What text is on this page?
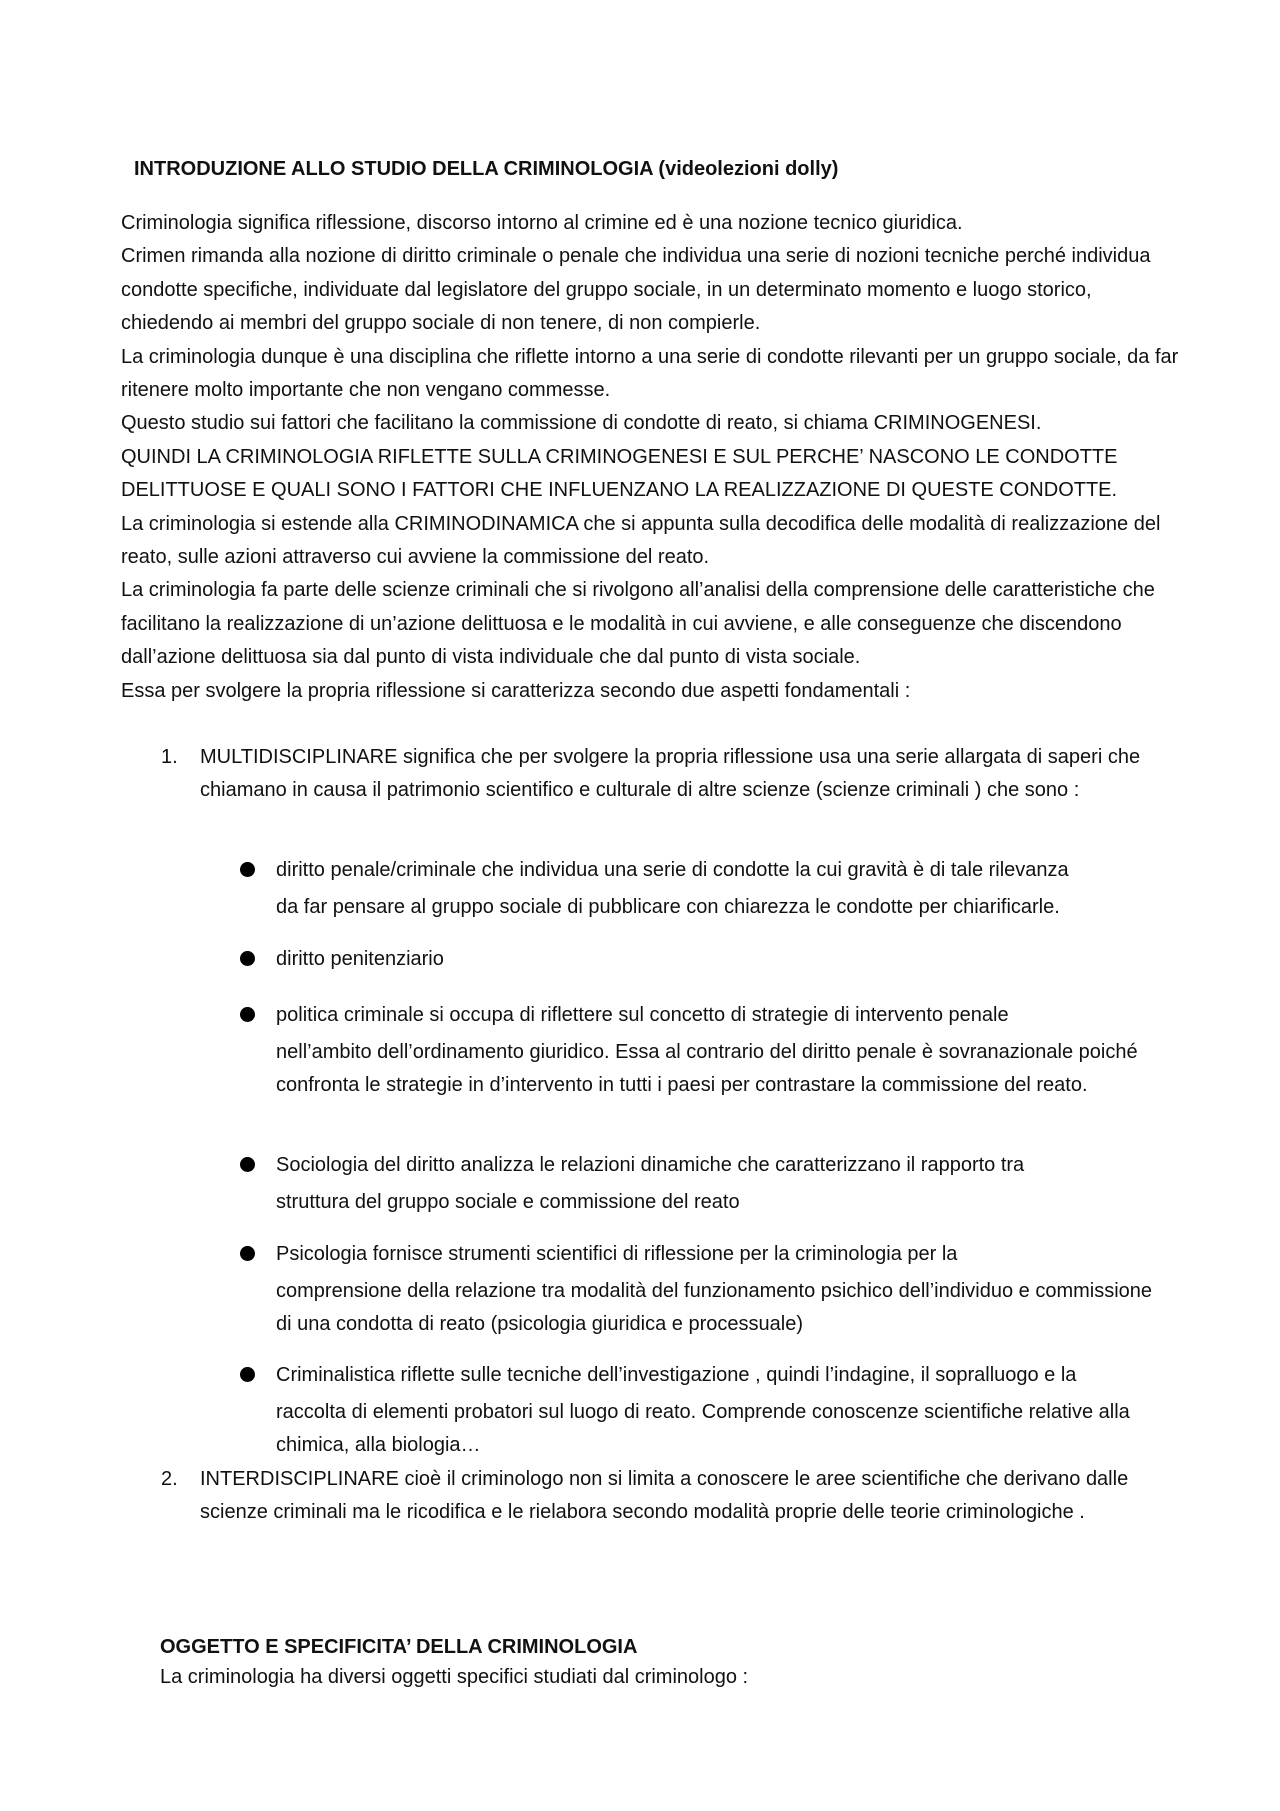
INTRODUZIONE ALLO STUDIO DELLA CRIMINOLOGIA (videolezioni dolly)

Criminologia significa riflessione, discorso intorno al crimine ed è una nozione tecnico giuridica.

Crimen rimanda alla nozione di diritto criminale o penale che individua una serie di nozioni tecniche perché individua condotte specifiche, individuate dal legislatore del gruppo sociale, in un determinato momento e luogo storico, chiedendo ai membri del gruppo sociale di non tenere, di non compierle.

La criminologia dunque è una disciplina che riflette intorno a una serie di condotte rilevanti per un gruppo sociale, da far ritenere molto importante che non vengano commesse.

Questo studio sui fattori che facilitano la commissione di condotte di reato, si chiama CRIMINOGENESI.

QUINDI LA CRIMINOLOGIA RIFLETTE SULLA CRIMINOGENESI E SUL PERCHE’ NASCONO LE CONDOTTE DELITTUOSE E QUALI SONO I FATTORI CHE INFLUENZANO LA REALIZZAZIONE DI QUESTE CONDOTTE.

La criminologia si estende alla CRIMINODINAMICA che si appunta sulla decodifica delle modalità di realizzazione del reato, sulle azioni attraverso cui avviene la commissione del reato.

La criminologia fa parte delle scienze criminali che si rivolgono all’analisi della comprensione delle caratteristiche che facilitano la realizzazione di un’azione delittuosa e le modalità in cui avviene, e alle conseguenze che discendono dall’azione delittuosa sia dal punto di vista individuale che dal punto di vista sociale.

Essa per svolgere la propria riflessione si caratterizza secondo due aspetti fondamentali :

1. MULTIDISCIPLINARE significa che per svolgere la propria riflessione usa una serie allargata di saperi che chiamano in causa il patrimonio scientifico e culturale di altre scienze (scienze criminali ) che sono :
diritto penale/criminale che individua una serie di condotte la cui gravità è di tale rilevanza
da far pensare al gruppo sociale di pubblicare con chiarezza le condotte per chiarificarle.
diritto penitenziario
politica criminale si occupa di riflettere sul concetto di strategie di intervento penale
nell’ambito dell’ordinamento giuridico. Essa al contrario del diritto penale è sovranazionale poiché confronta le strategie in d’intervento in tutti i paesi per contrastare la commissione del reato.
Sociologia del diritto analizza le relazioni dinamiche che caratterizzano il rapporto tra
struttura del gruppo sociale e commissione del reato
Psicologia fornisce strumenti scientifici di riflessione per la criminologia per la
comprensione della relazione tra modalità del funzionamento psichico dell’individuo e commissione di una condotta di reato (psicologia giuridica e processuale)
Criminalistica riflette sulle tecniche dell’investigazione , quindi l’indagine, il sopralluogo e la
raccolta di elementi probatori sul luogo di reato. Comprende conoscenze scientifiche relative alla chimica, alla biologia…
2. INTERDISCIPLINARE cioè il criminologo non si limita a conoscere le aree scientifiche che derivano dalle scienze criminali ma le ricodifica e le rielabora secondo modalità proprie delle teorie criminologiche .
OGGETTO E SPECIFICITA’ DELLA CRIMINOLOGIA
La criminologia ha diversi oggetti specifici studiati dal criminologo :
